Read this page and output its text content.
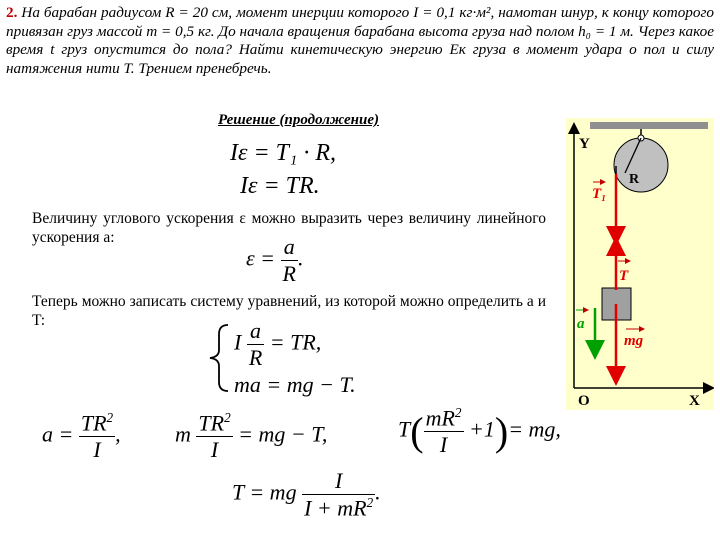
2. На барабан радиусом R = 20 см, момент инерции которого I = 0,1 кг·м², намотан шнур, к концу которого привязан груз массой m = 0,5 кг. До начала вращения барабана высота груза над полом h₀ = 1 м. Через какое время t груз опустится до пола? Найти кинетическую энергию Eк груза в момент удара о пол и силу натяжения нити T. Трением пренебречь.
Решение (продолжение)
Iε = T₁ · R,
Iε = TR.
Величину углового ускорения ε можно выразить через величину линейного ускорения a:
$\varepsilon = \frac{a}{R}$ .
Теперь можно записать систему уравнений, из которой можно определить a и T:
I $\frac{a}{R}$ = TR,
ma = mg − T.
$a = \frac{TR^2}{I}$ , m $\frac{TR^2}{I}$ = mg − T,	$T( \frac{mR^2}{I} +1)=$ mg,
T = mg $\frac{I}{I + mR^2}$ .
R
T₁
T
mg
a
Y
O	X
